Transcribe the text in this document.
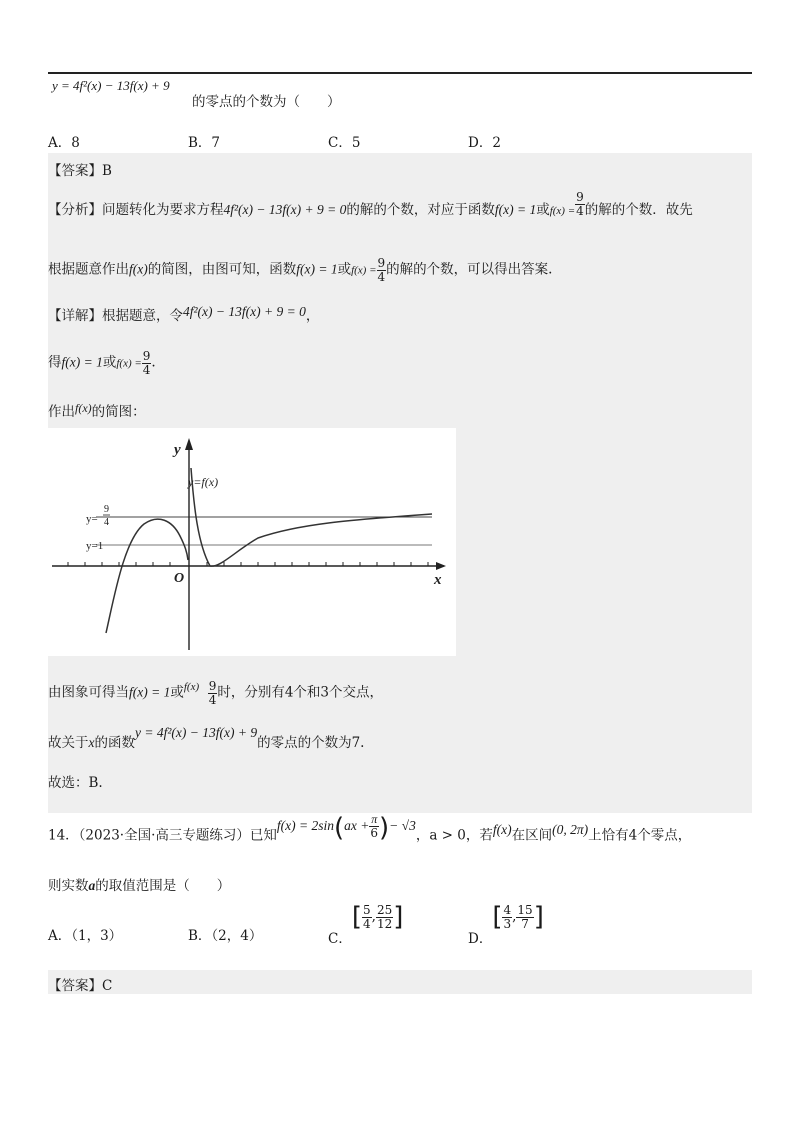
y = 4f²(x) − 13f(x) + 9
的零点的个数为（　　）
A．8	B．7	C．5	D．2
【答案】B
【分析】问题转化为要求方程4f²(x) − 13f(x) + 9 = 0的解的个数，对应于函数f(x) = 1或$f(x) = \frac{9}{4}$ 的解的个数．故先
根据题意作出f(x)的简图，由图可知，函数f(x) = 1或$f(x) = \frac{9}{4}$ 的解的个数，可以得出答案.
【详解】根据题意，令4f²(x) − 13f(x) + 9 = 0，
得f(x) = 1或$f(x) = \frac{9}{4}$ .
作出f(x)的简图：
y
x
O
y=f(x)
y=
9
4
y=1
由图象可得当f(x) = 1或$^{f(x)} \frac{9}{4}$ 时，分别有4个和3个交点，
故关于x的函数y = 4f²(x) − 13f(x) + 9的零点的个数为7.
故选：B.
14．（2023·全国·高三专题练习）已知$f(x) = 2\sin(ax + \frac{\pi}{6}$ )− √3，a > 0，若f(x)在区间(0, 2π)上恰有4个零点，
则实数a的取值范围是（　　）
A．（1，3）	B．（2，4）	C．[ $\frac{5}{4}$ , $\frac{25}{12}$ ]
D．[ $\frac{4}{3}$ , $\frac{15}{7}$ ]
【答案】C
